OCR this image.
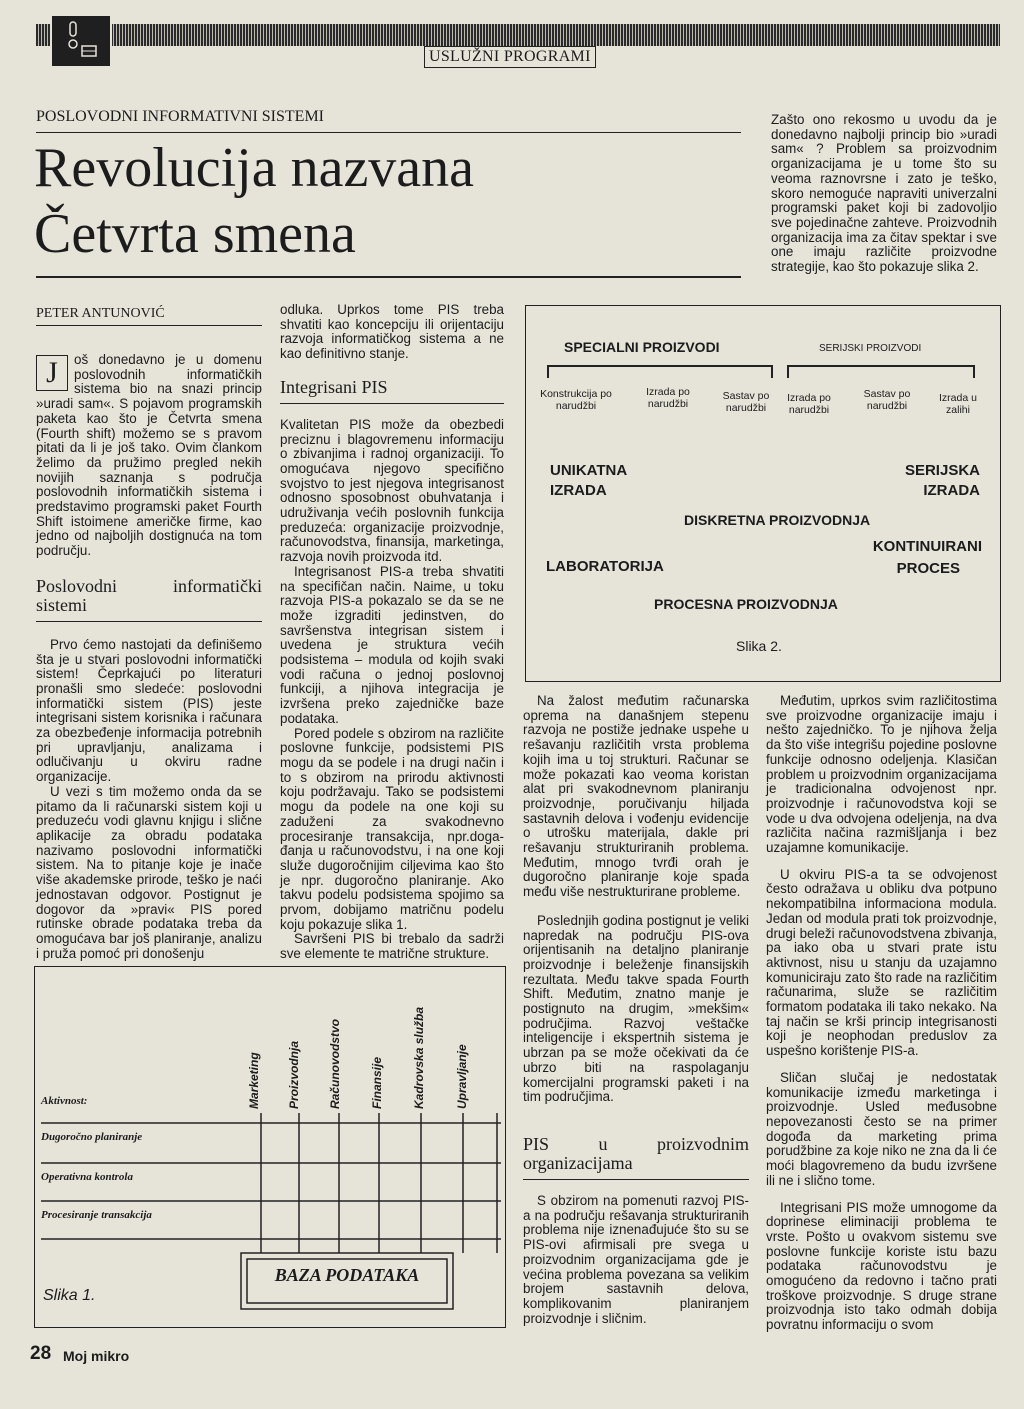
USLUŽNI PROGRAMI
POSLOVODNI INFORMATIVNI SISTEMI
Revolucija nazvana
Četvrta smena
Zašto ono rekosmo u uvodu da je donedavno najbolji princip bio »uradi sam« ? Problem sa proizvodnim organizacijama je u tome što su veoma raznovrsne i zato je teško, skoro nemoguće napraviti univerzalni programski paket koji bi zadovoljio sve pojedinačne zahteve. Proizvodnih organizacija ima za čitav spektar i sve one imaju različite proizvodne strategije, kao što pokazuje slika 2.
PETER ANTUNOVIĆ
J	oš donedavno je u domenu poslovodnih informatičkih sistema bio na snazi princip »uradi sam«. S pojavom programskih paketa kao što je Četvrta smena (Fourth shift) možemo se s pravom pitati da li je još tako. Ovim člankom želimo da pružimo pregled nekih novijih saznanja s područja poslovodnih informatičkih sistema i predstavimo programski paket Fourth Shift istoimene američke firme, kao jedno od najboljih dostignuća na tom području.

Poslovodni informatički sistemi

Prvo ćemo nastojati da definišemo šta je u stvari poslovodni informatički sistem! Čeprkajući po literaturi pronašli smo sledeće: poslovodni informatički sistem (PIS) jeste integrisani sistem korisnika i računara za obezbeđenje informacija potrebnih pri upravljanju, analizama i odlučivanju u okviru radne organizacije.

U vezi s tim možemo onda da se pitamo da li računarski sistem koji u preduzeću vodi glavnu knjigu i slične aplikacije za obradu podataka nazivamo poslovodni informatički sistem. Na to pitanje koje je inače više akademske prirode, teško je naći jednostavan odgovor. Postignut je dogovor da »pravi« PIS pored rutinske obrade podataka treba da omogućava bar još planiranje, analizu i pruža pomoć pri donošenju

odluka. Uprkos tome PIS treba shvatiti kao koncepciju ili orijentaciju razvoja informatičkog sistema a ne kao definitivno stanje.

Integrisani PIS

Kvalitetan PIS može da obezbedi preciznu i blagovremenu informaciju o zbivanjima i radnoj organizaciji. To omogućava njegovo specifično svojstvo to jest njegova integrisanost odnosno sposobnost obuhvatanja i udruživanja većih poslovnih funkcija preduzeća: organizacije proizvodnje, računovodstva, finansija, marketinga, razvoja novih proizvoda itd.

Integrisanost PIS-a treba shvatiti na specifičan način. Naime, u toku razvoja PIS-a pokazalo se da se ne može izgraditi jedinstven, do savršenstva integrisan sistem i uvedena je struktura većih podsistema – modula od kojih svaki vodi računa o jednoj poslovnoj funkciji, a njihova integracija je izvršena preko zajedničke baze podataka.

Pored podele s obzirom na različite poslovne funkcije, podsistemi PIS mogu da se podele i na drugi način i to s obzirom na prirodu aktivnosti koju podržavaju. Tako se podsistemi mogu da podele na one koji su zaduženi za svakodnevno procesiranje transakcija, npr.doga-đanja u računovodstvu, i na one koji služe dugoročnijim ciljevima kao što je npr. dugoročno planiranje. Ako takvu podelu podsistema spojimo sa prvom, dobijamo matričnu podelu koju pokazuje slika 1.

Savršeni PIS bi trebalo da sadrži sve elemente te matrične strukture.

SPECIALNI PROIZVODI	SERIJSKI PROIZVODI
Konstrukcija po narudžbi
Izrada po narudžbi
Sastav po narudžbi
Izrada po narudžbi
Sastav po narudžbi
Izrada u zalihi
UNIKATNA
IZRADA
SERIJSKA
IZRADA
DISKRETNA PROIZVODNJA
KONTINUIRANI
LABORATORIJA	PROCES
PROCESNA PROIZVODNJA
Slika 2.

Na žalost međutim računarska oprema na današnjem stepenu razvoja ne postiže jednake uspehe u rešavanju različitih vrsta problema kojih ima u toj strukturi. Računar se može pokazati kao veoma koristan alat pri svakodnevnom planiranju proizvodnje, poručivanju hiljada sastavnih delova i vođenju evidencije o utrošku materijala, dakle pri rešavanju strukturiranih problema. Međutim, mnogo tvrđi orah je dugoročno planiranje koje spada među više nestrukturirane probleme.

Poslednjih godina postignut je veliki napredak na području PIS-ova orijentisanih na detaljno planiranje proizvodnje i beleženje finansijskih rezultata. Među takve spada Fourth Shift. Međutim, znatno manje je postignuto na drugim, »mekšim« područjima. Razvoj veštačke inteligencije i ekspertnih sistema je ubrzan pa se može očekivati da će ubrzo biti na raspolaganju komercijalni programski paketi i na tim područjima.

PIS u proizvodnim organizacijama

S obzirom na pomenuti razvoj PIS-a na području rešavanja strukturiranih problema nije iznenađujuće što su se PIS-ovi afirmisali pre svega u proizvodnim organizacijama gde je većina problema povezana sa velikim brojem sastavnih delova, komplikovanim planiranjem proizvodnje i sličnim.

Međutim, uprkos svim različitostima sve proizvodne organizacije imaju i nešto zajedničko. To je njihova želja da što više integrišu pojedine poslovne funkcije odnosno odeljenja. Klasičan problem u proizvodnim organizacijama je tradicionalna odvojenost npr. proizvodnje i računovodstva koji se vode u dva odvojena odeljenja, na dva različita načina razmišljanja i bez uzajamne komunikacije.

U okviru PIS-a ta se odvojenost često odražava u obliku dva potpuno nekompatibilna informaciona modula. Jedan od modula prati tok proizvodnje, drugi beleži računovodstvena zbivanja, pa iako oba u stvari prate istu aktivnost, nisu u stanju da uzajamno komuniciraju zato što rade na različitim računarima, služe se različitim formatom podataka ili tako nekako. Na taj način se krši princip integrisanosti koji je neophodan preduslov za uspešno korištenje PIS-a.

Sličan slučaj je nedostatak komunikacije između marketinga i proizvodnje. Usled međusobne nepovezanosti često se na primer dogođa da marketing prima porudžbine za koje niko ne zna da li će moći blagovremeno da budu izvršene ili ne i slično tome.

Integrisani PIS može umnogome da doprinese eliminaciji problema te vrste. Pošto u ovakvom sistemu sve poslovne funkcije koriste istu bazu podataka računovodstvu je omogućeno da redovno i tačno prati troškove proizvodnje. S druge strane proizvodnja isto tako odmah dobija povratnu informaciju o svom

Marketing Proizvodnja Računovodstvo Finansije Kadrovska služba Upravljanje
Aktivnost:
Dugoročno planiranje
Operativna kontrola
Procesiranje transakcija
BAZA PODATAKA
Slika 1.
28 Moj mikro
